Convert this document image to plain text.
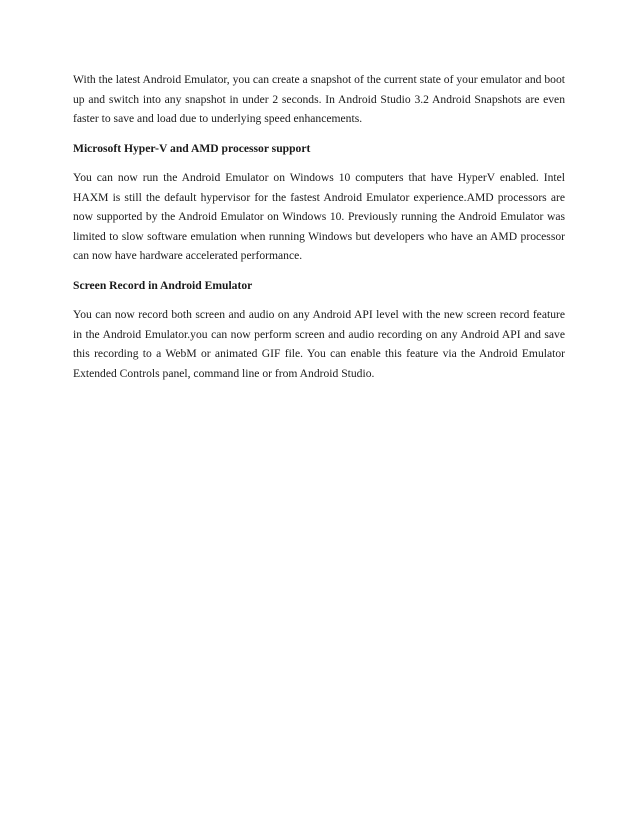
With the latest Android Emulator, you can create a snapshot of the current state of your emulator and boot up and switch into any snapshot in under 2 seconds. In Android Studio 3.2 Android Snapshots are even faster to save and load due to underlying speed enhancements.

Microsoft Hyper-V and AMD processor support

You can now run the Android Emulator on Windows 10 computers that have HyperV enabled. Intel HAXM is still the default hypervisor for the fastest Android Emulator experience.AMD processors are now supported by the Android Emulator on Windows 10. Previously running the Android Emulator was limited to slow software emulation when running Windows but developers who have an AMD processor can now have hardware accelerated performance.

Screen Record in Android Emulator

You can now record both screen and audio on any Android API level with the new screen record feature in the Android Emulator.you can now perform screen and audio recording on any Android API and save this recording to a WebM or animated GIF file. You can enable this feature via the Android Emulator Extended Controls panel, command line or from Android Studio.
